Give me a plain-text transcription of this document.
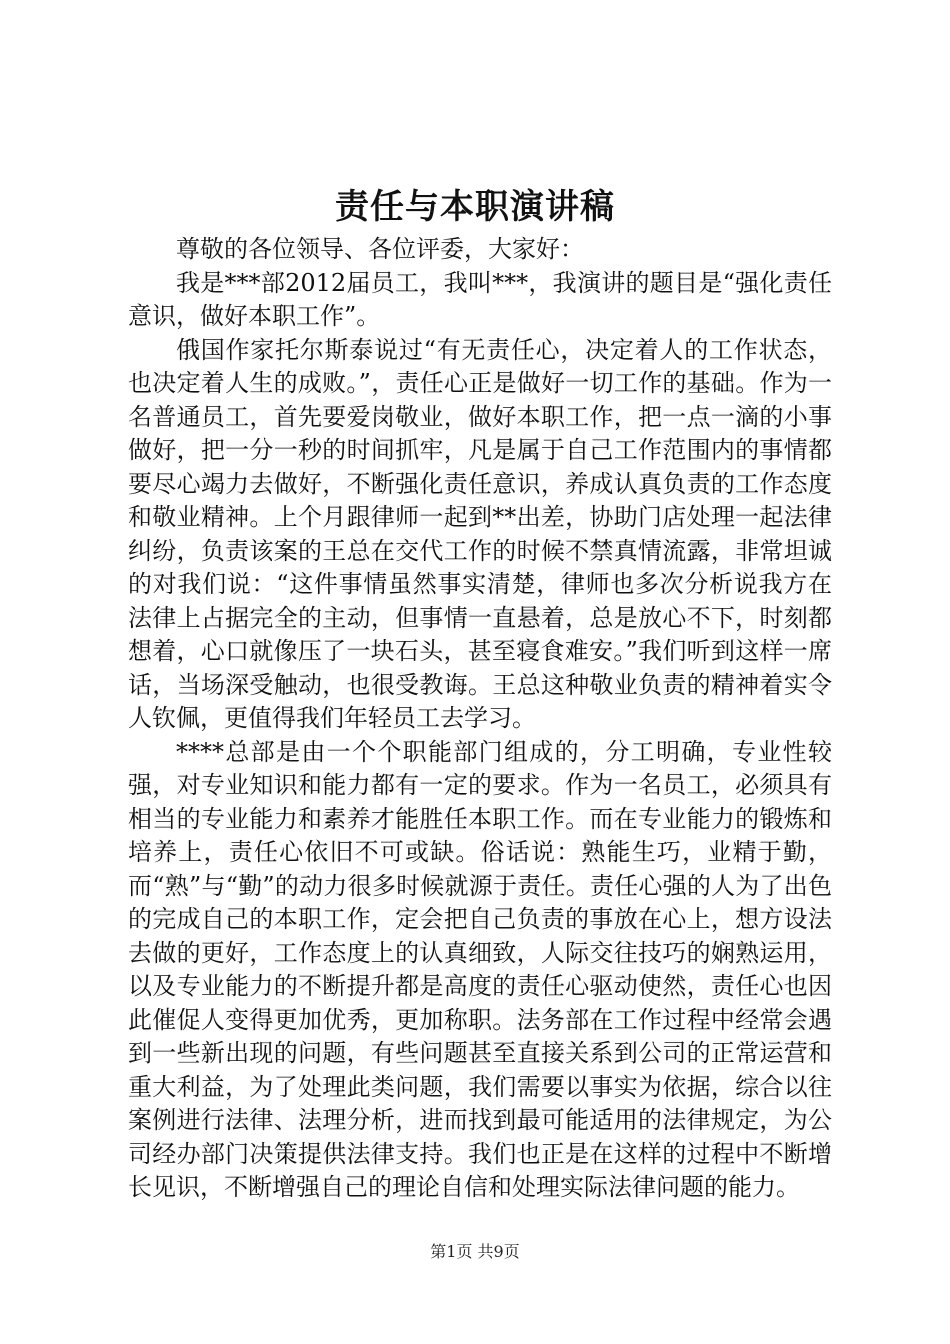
责任与本职演讲稿

尊敬的各位领导、各位评委，大家好：

我是***部2012届员工，我叫***，我演讲的题目是“强化责任意识，做好本职工作”。

俄国作家托尔斯泰说过“有无责任心，决定着人的工作状态，也决定着人生的成败。”，责任心正是做好一切工作的基础。作为一名普通员工，首先要爱岗敬业，做好本职工作，把一点一滴的小事做好，把一分一秒的时间抓牢，凡是属于自己工作范围内的事情都要尽心竭力去做好，不断强化责任意识，养成认真负责的工作态度和敬业精神。上个月跟律师一起到**出差，协助门店处理一起法律纠纷，负责该案的王总在交代工作的时候不禁真情流露，非常坦诚的对我们说：“这件事情虽然事实清楚，律师也多次分析说我方在法律上占据完全的主动，但事情一直悬着，总是放心不下，时刻都想着，心口就像压了一块石头，甚至寝食难安。”我们听到这样一席话，当场深受触动，也很受教诲。王总这种敬业负责的精神着实令人钦佩，更值得我们年轻员工去学习。

****总部是由一个个职能部门组成的，分工明确，专业性较强，对专业知识和能力都有一定的要求。作为一名员工，必须具有相当的专业能力和素养才能胜任本职工作。而在专业能力的锻炼和培养上，责任心依旧不可或缺。俗话说：熟能生巧，业精于勤，而“熟”与“勤”的动力很多时候就源于责任。责任心强的人为了出色的完成自己的本职工作，定会把自己负责的事放在心上，想方设法去做的更好，工作态度上的认真细致，人际交往技巧的娴熟运用，以及专业能力的不断提升都是高度的责任心驱动使然，责任心也因此催促人变得更加优秀，更加称职。法务部在工作过程中经常会遇到一些新出现的问题，有些问题甚至直接关系到公司的正常运营和重大利益，为了处理此类问题，我们需要以事实为依据，综合以往案例进行法律、法理分析，进而找到最可能适用的法律规定，为公司经办部门决策提供法律支持。我们也正是在这样的过程中不断增长见识，不断增强自己的理论自信和处理实际法律问题的能力。

第1页 共9页
